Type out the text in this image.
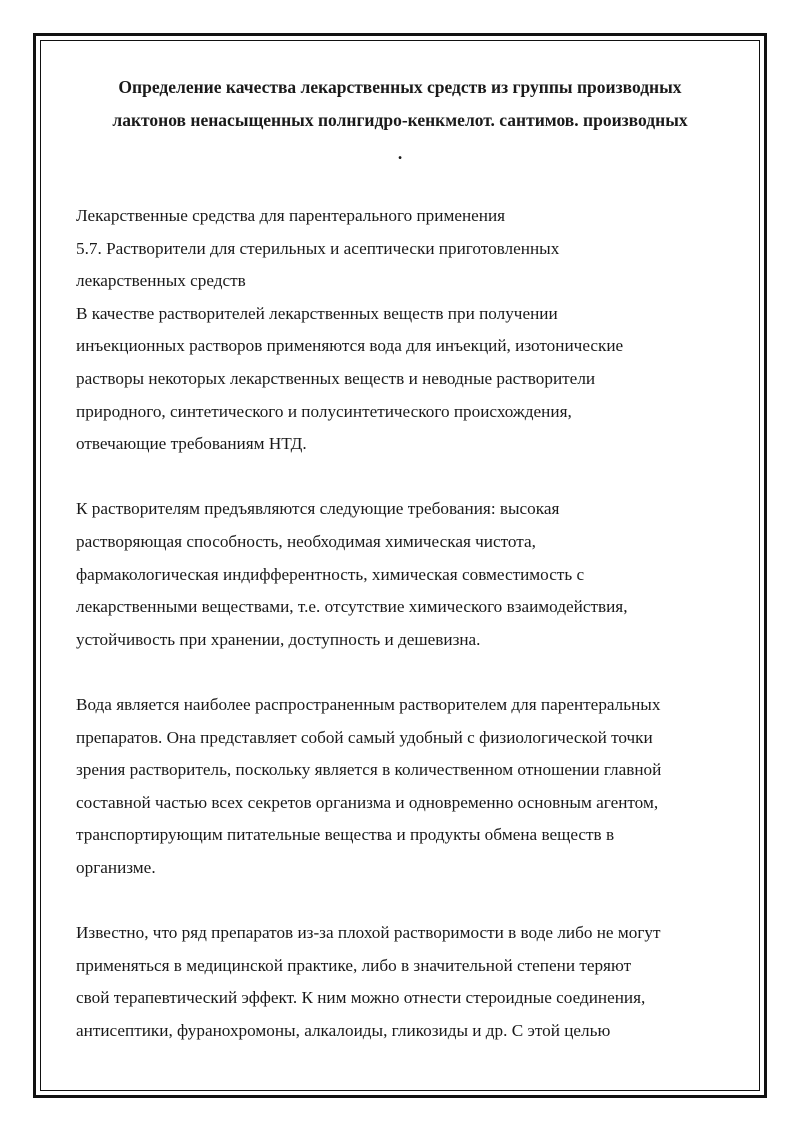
Определение качества лекарственных средств из группы производных
лактонов ненасыщенных полнгидро-кенкмелот. сантимов. производных
.
Лекарственные средства для парентерального применения
5.7. Растворители для стерильных и асептически приготовленных
лекарственных средств
В качестве растворителей лекарственных веществ при получении
инъекционных растворов применяются вода для инъекций, изотонические
растворы некоторых лекарственных веществ и неводные растворители
природного, синтетического и полусинтетического происхождения,
отвечающие требованиям НТД.
К растворителям предъявляются следующие требования: высокая
растворяющая способность, необходимая химическая чистота,
фармакологическая индифферентность, химическая совместимость с
лекарственными веществами, т.е. отсутствие химического взаимодействия,
устойчивость при хранении, доступность и дешевизна.
Вода является наиболее распространенным растворителем для парентеральных
препаратов. Она представляет собой самый удобный с физиологической точки
зрения растворитель, поскольку является в количественном отношении главной
составной частью всех секретов организма и одновременно основным агентом,
транспортирующим питательные вещества и продукты обмена веществ в
организме.
Известно, что ряд препаратов из-за плохой растворимости в воде либо не могут
применяться в медицинской практике, либо в значительной степени теряют
свой терапевтический эффект. К ним можно отнести стероидные соединения,
антисептики, фуранохромоны, алкалоиды, гликозиды и др. С этой целью
